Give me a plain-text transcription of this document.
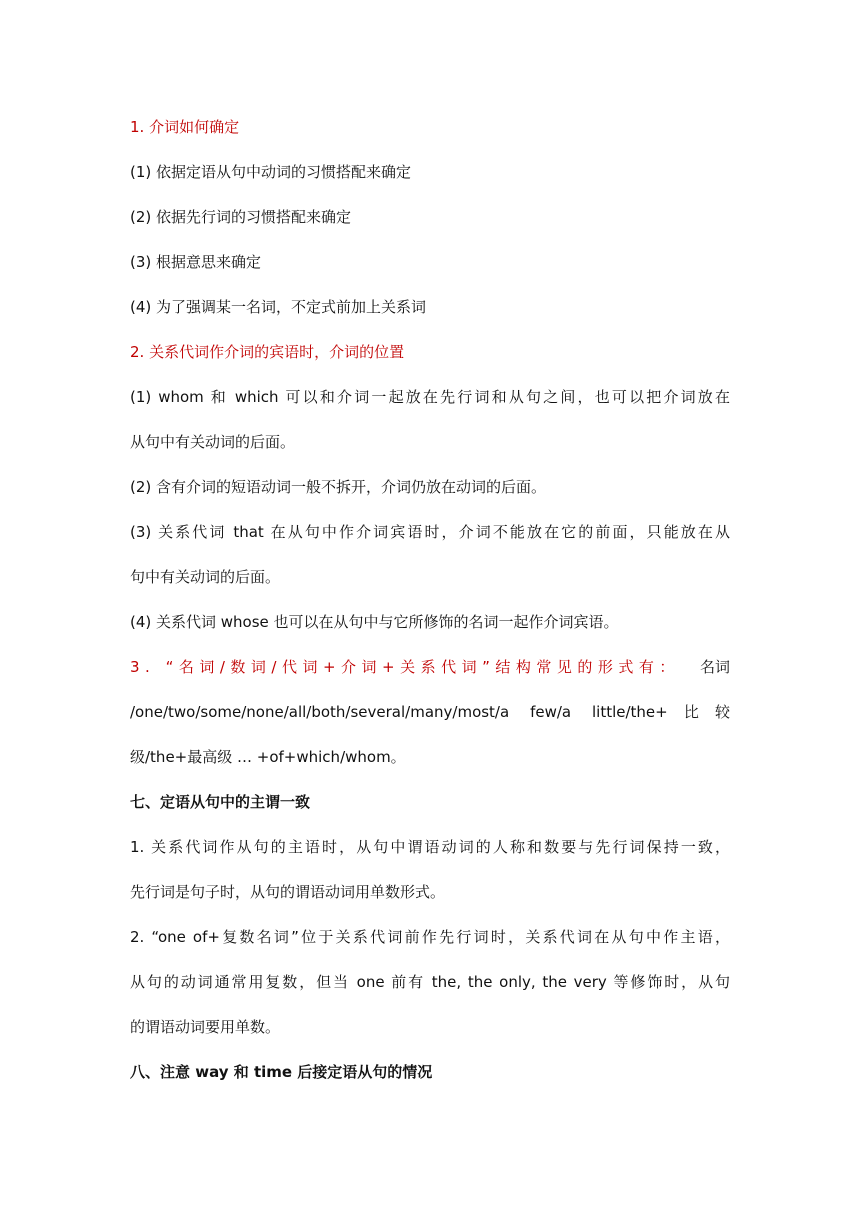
1. 介词如何确定
(1) 依据定语从句中动词的习惯搭配来确定
(2) 依据先行词的习惯搭配来确定
(3) 根据意思来确定
(4) 为了强调某一名词，不定式前加上关系词
2. 关系代词作介词的宾语时，介词的位置
(1) whom 和 which 可以和介词一起放在先行词和从句之间，也可以把介词放在
从句中有关动词的后面。
(2) 含有介词的短语动词一般不拆开，介词仍放在动词的后面。
(3) 关系代词 that 在从句中作介词宾语时，介词不能放在它的前面，只能放在从
句中有关动词的后面。
(4) 关系代词 whose 也可以在从句中与它所修饰的名词一起作介词宾语。
3. “名词/数词/代词+介词+关系代词”结构常见的形式有： 名词
/one/two/some/none/all/both/several/many/most/a few/a little/the+比较
级/the+最高级 … +of+which/whom。
七、定语从句中的主谓一致
1. 关系代词作从句的主语时，从句中谓语动词的人称和数要与先行词保持一致，
先行词是句子时，从句的谓语动词用单数形式。
2. “one of+复数名词”位于关系代词前作先行词时，关系代词在从句中作主语，
从句的动词通常用复数，但当 one 前有 the, the only, the very 等修饰时，从句
的谓语动词要用单数。
八、注意 way 和 time 后接定语从句的情况
